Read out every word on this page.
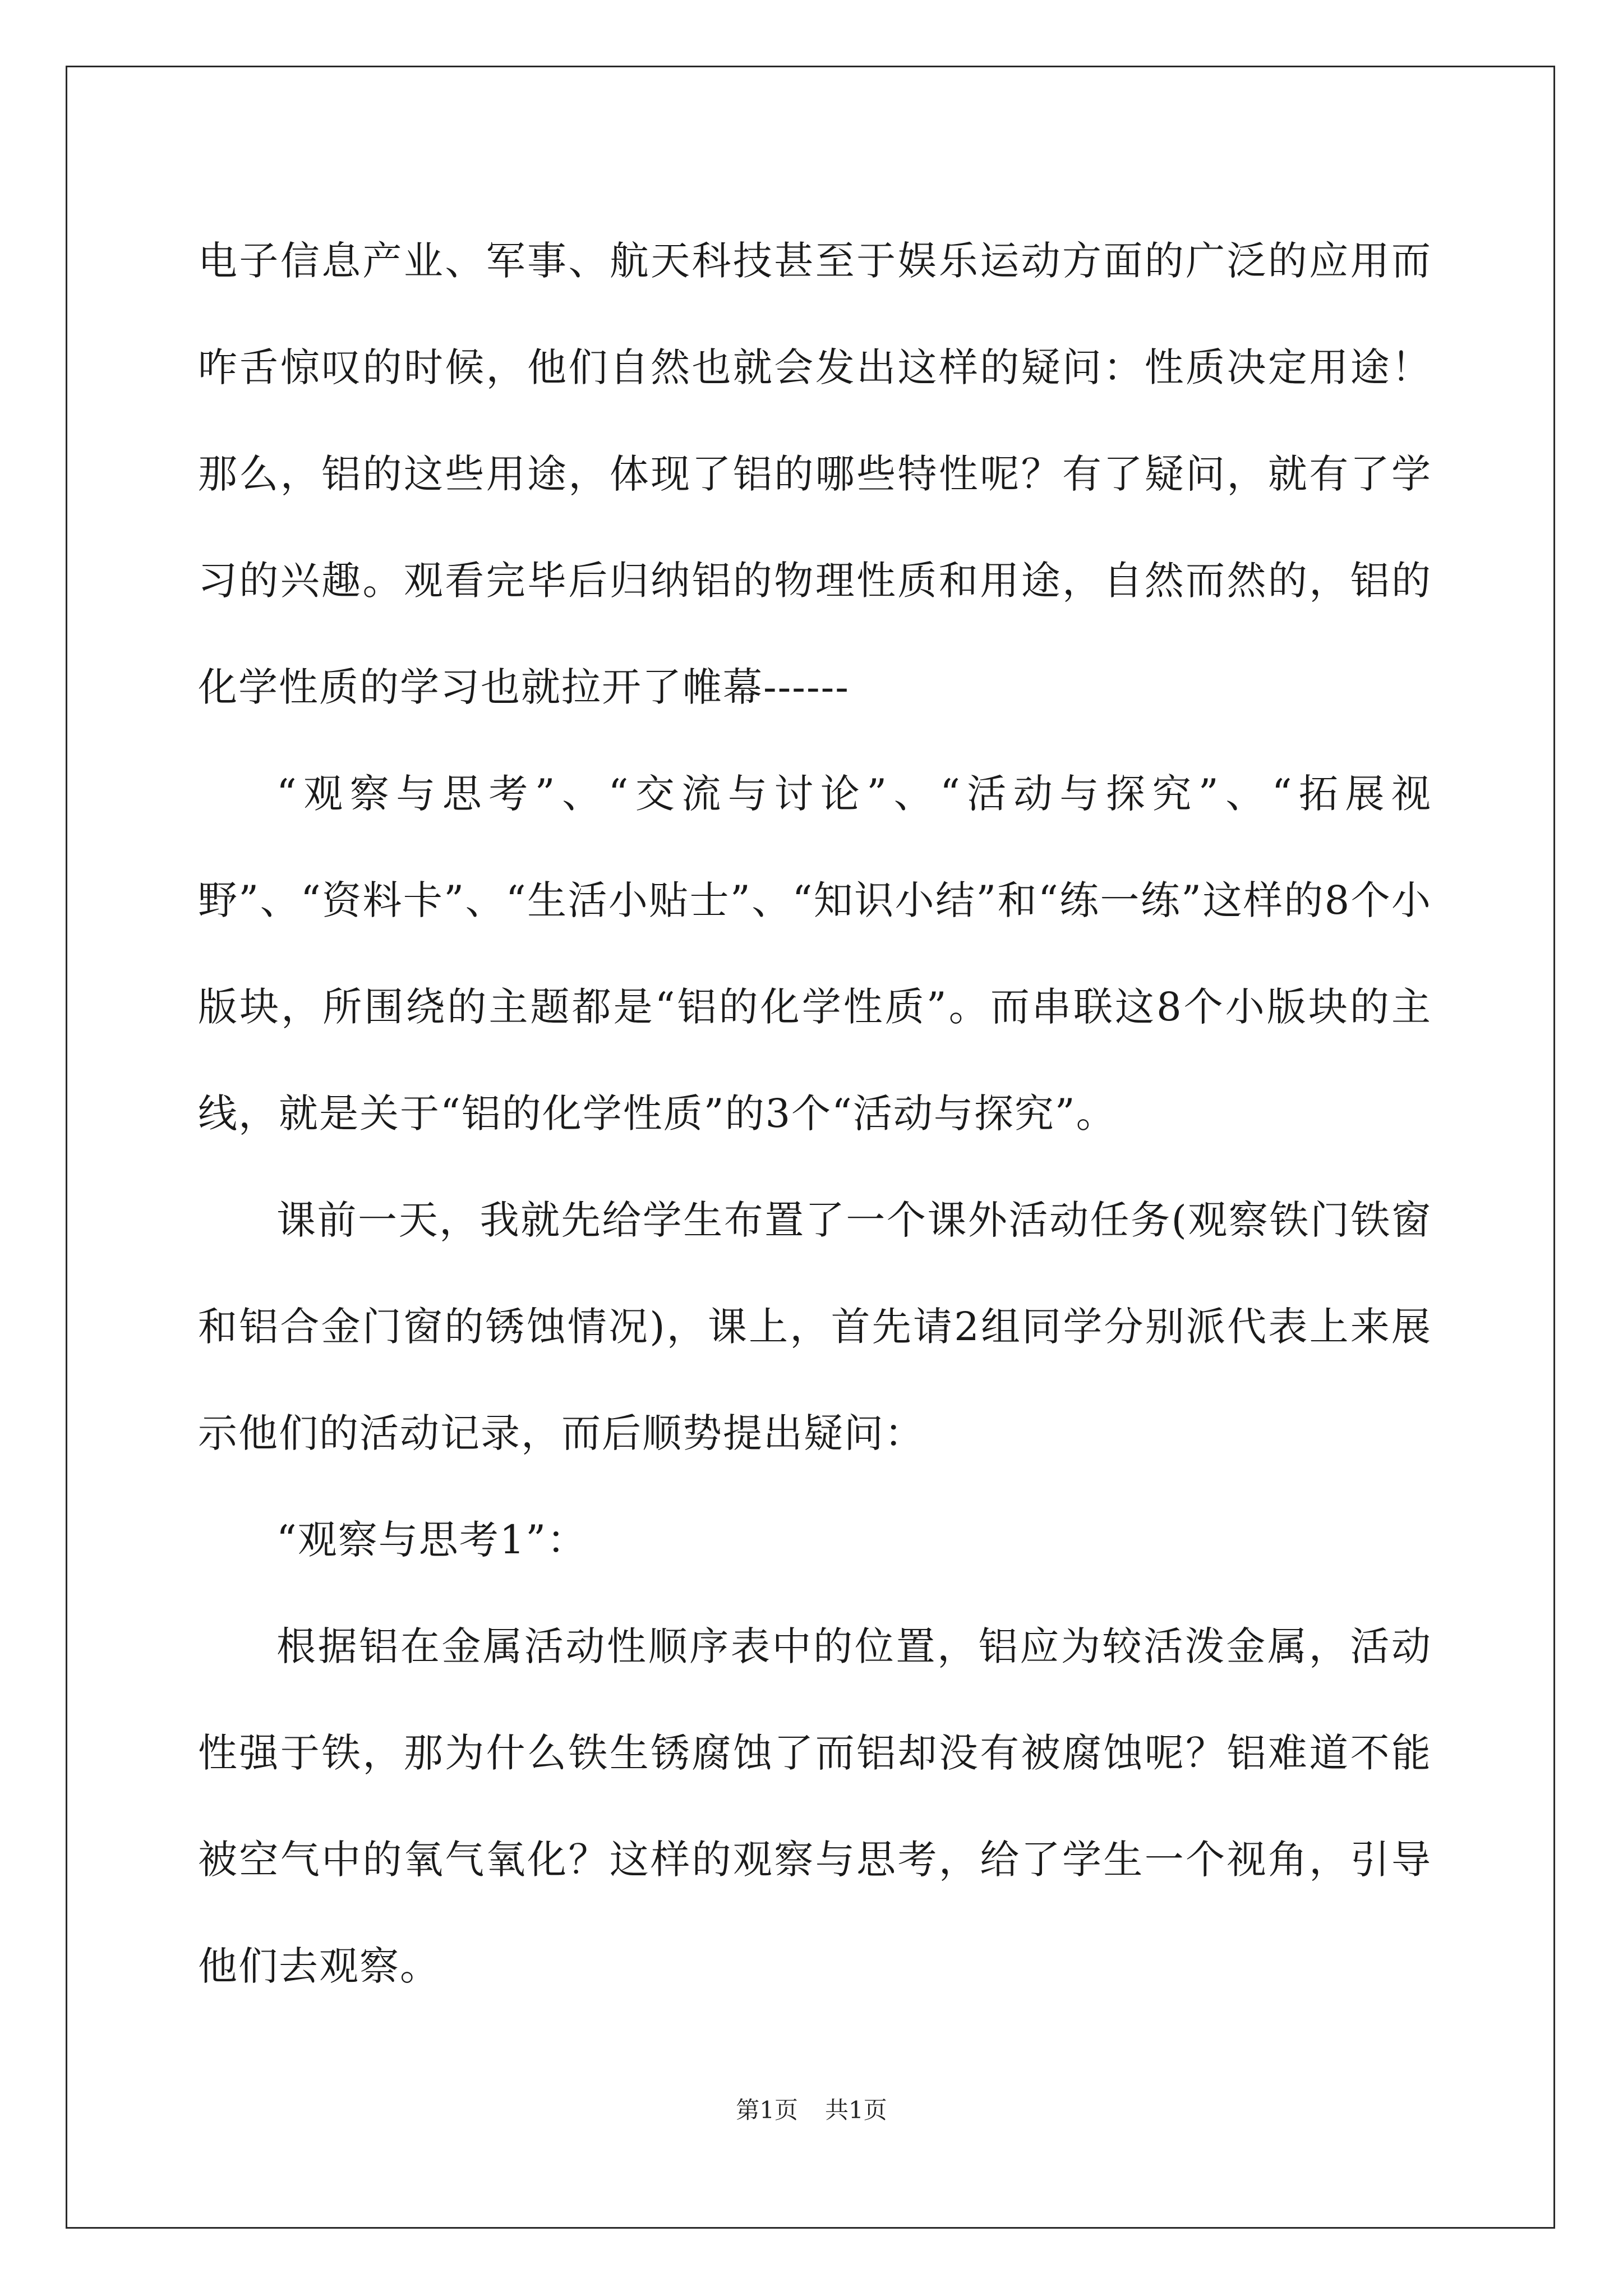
电子信息产业、军事、航天科技甚至于娱乐运动方面的广泛的应用而咋舌惊叹的时候，他们自然也就会发出这样的疑问：性质决定用途！那么，铝的这些用途，体现了铝的哪些特性呢？有了疑问，就有了学习的兴趣。观看完毕后归纳铝的物理性质和用途，自然而然的，铝的化学性质的学习也就拉开了帷幕------

“观察与思考”、“交流与讨论”、“活动与探究”、“拓展视野”、“资料卡”、“生活小贴士”、“知识小结”和“练一练”这样的8个小版块，所围绕的主题都是“铝的化学性质”。而串联这8个小版块的主线，就是关于“铝的化学性质”的3个“活动与探究”。

课前一天，我就先给学生布置了一个课外活动任务(观察铁门铁窗和铝合金门窗的锈蚀情况)，课上，首先请2组同学分别派代表上来展示他们的活动记录，而后顺势提出疑问：

“观察与思考1”：

根据铝在金属活动性顺序表中的位置，铝应为较活泼金属，活动性强于铁，那为什么铁生锈腐蚀了而铝却没有被腐蚀呢？铝难道不能被空气中的氧气氧化？这样的观察与思考，给了学生一个视角，引导他们去观察。

第1页 共1页
